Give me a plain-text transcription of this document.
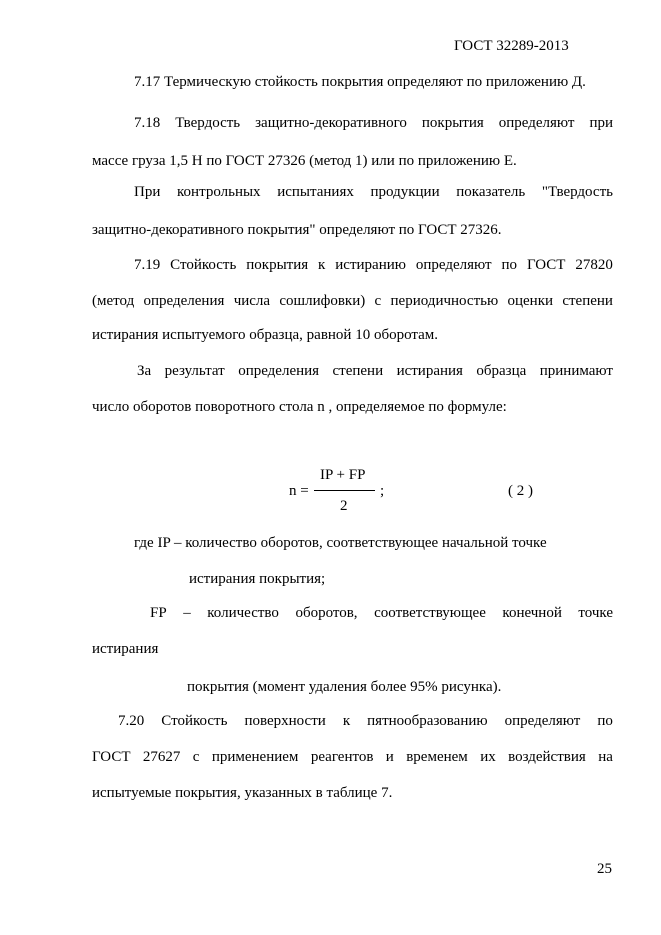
ГОСТ 32289-2013
7.17 Термическую стойкость покрытия определяют по приложению Д.
7.18 Твердость защитно-декоративного покрытия определяют при
массе груза 1,5 Н по ГОСТ 27326 (метод 1) или по приложению Е.
При контрольных испытаниях продукции показатель "Твердость
защитно-декоративного покрытия" определяют по ГОСТ 27326.
7.19 Стойкость покрытия к истиранию определяют по ГОСТ 27820
(метод определения числа сошлифовки) с периодичностью оценки степени
истирания испытуемого образца, равной 10 оборотам.
За результат определения степени истирания образца принимают
число оборотов поворотного стола n , определяемое по формуле:
IP + FP
n =	;
2
( 2 )
где IP – количество оборотов, соответствующее начальной точке
истирания покрытия;
FP – количество оборотов, соответствующее конечной точке
истирания
покрытия (момент удаления более 95% рисунка).
7.20 Стойкость поверхности к пятнообразованию определяют по
ГОСТ 27627 с применением реагентов и временем их воздействия на
испытуемые покрытия, указанных в таблице 7.
25
